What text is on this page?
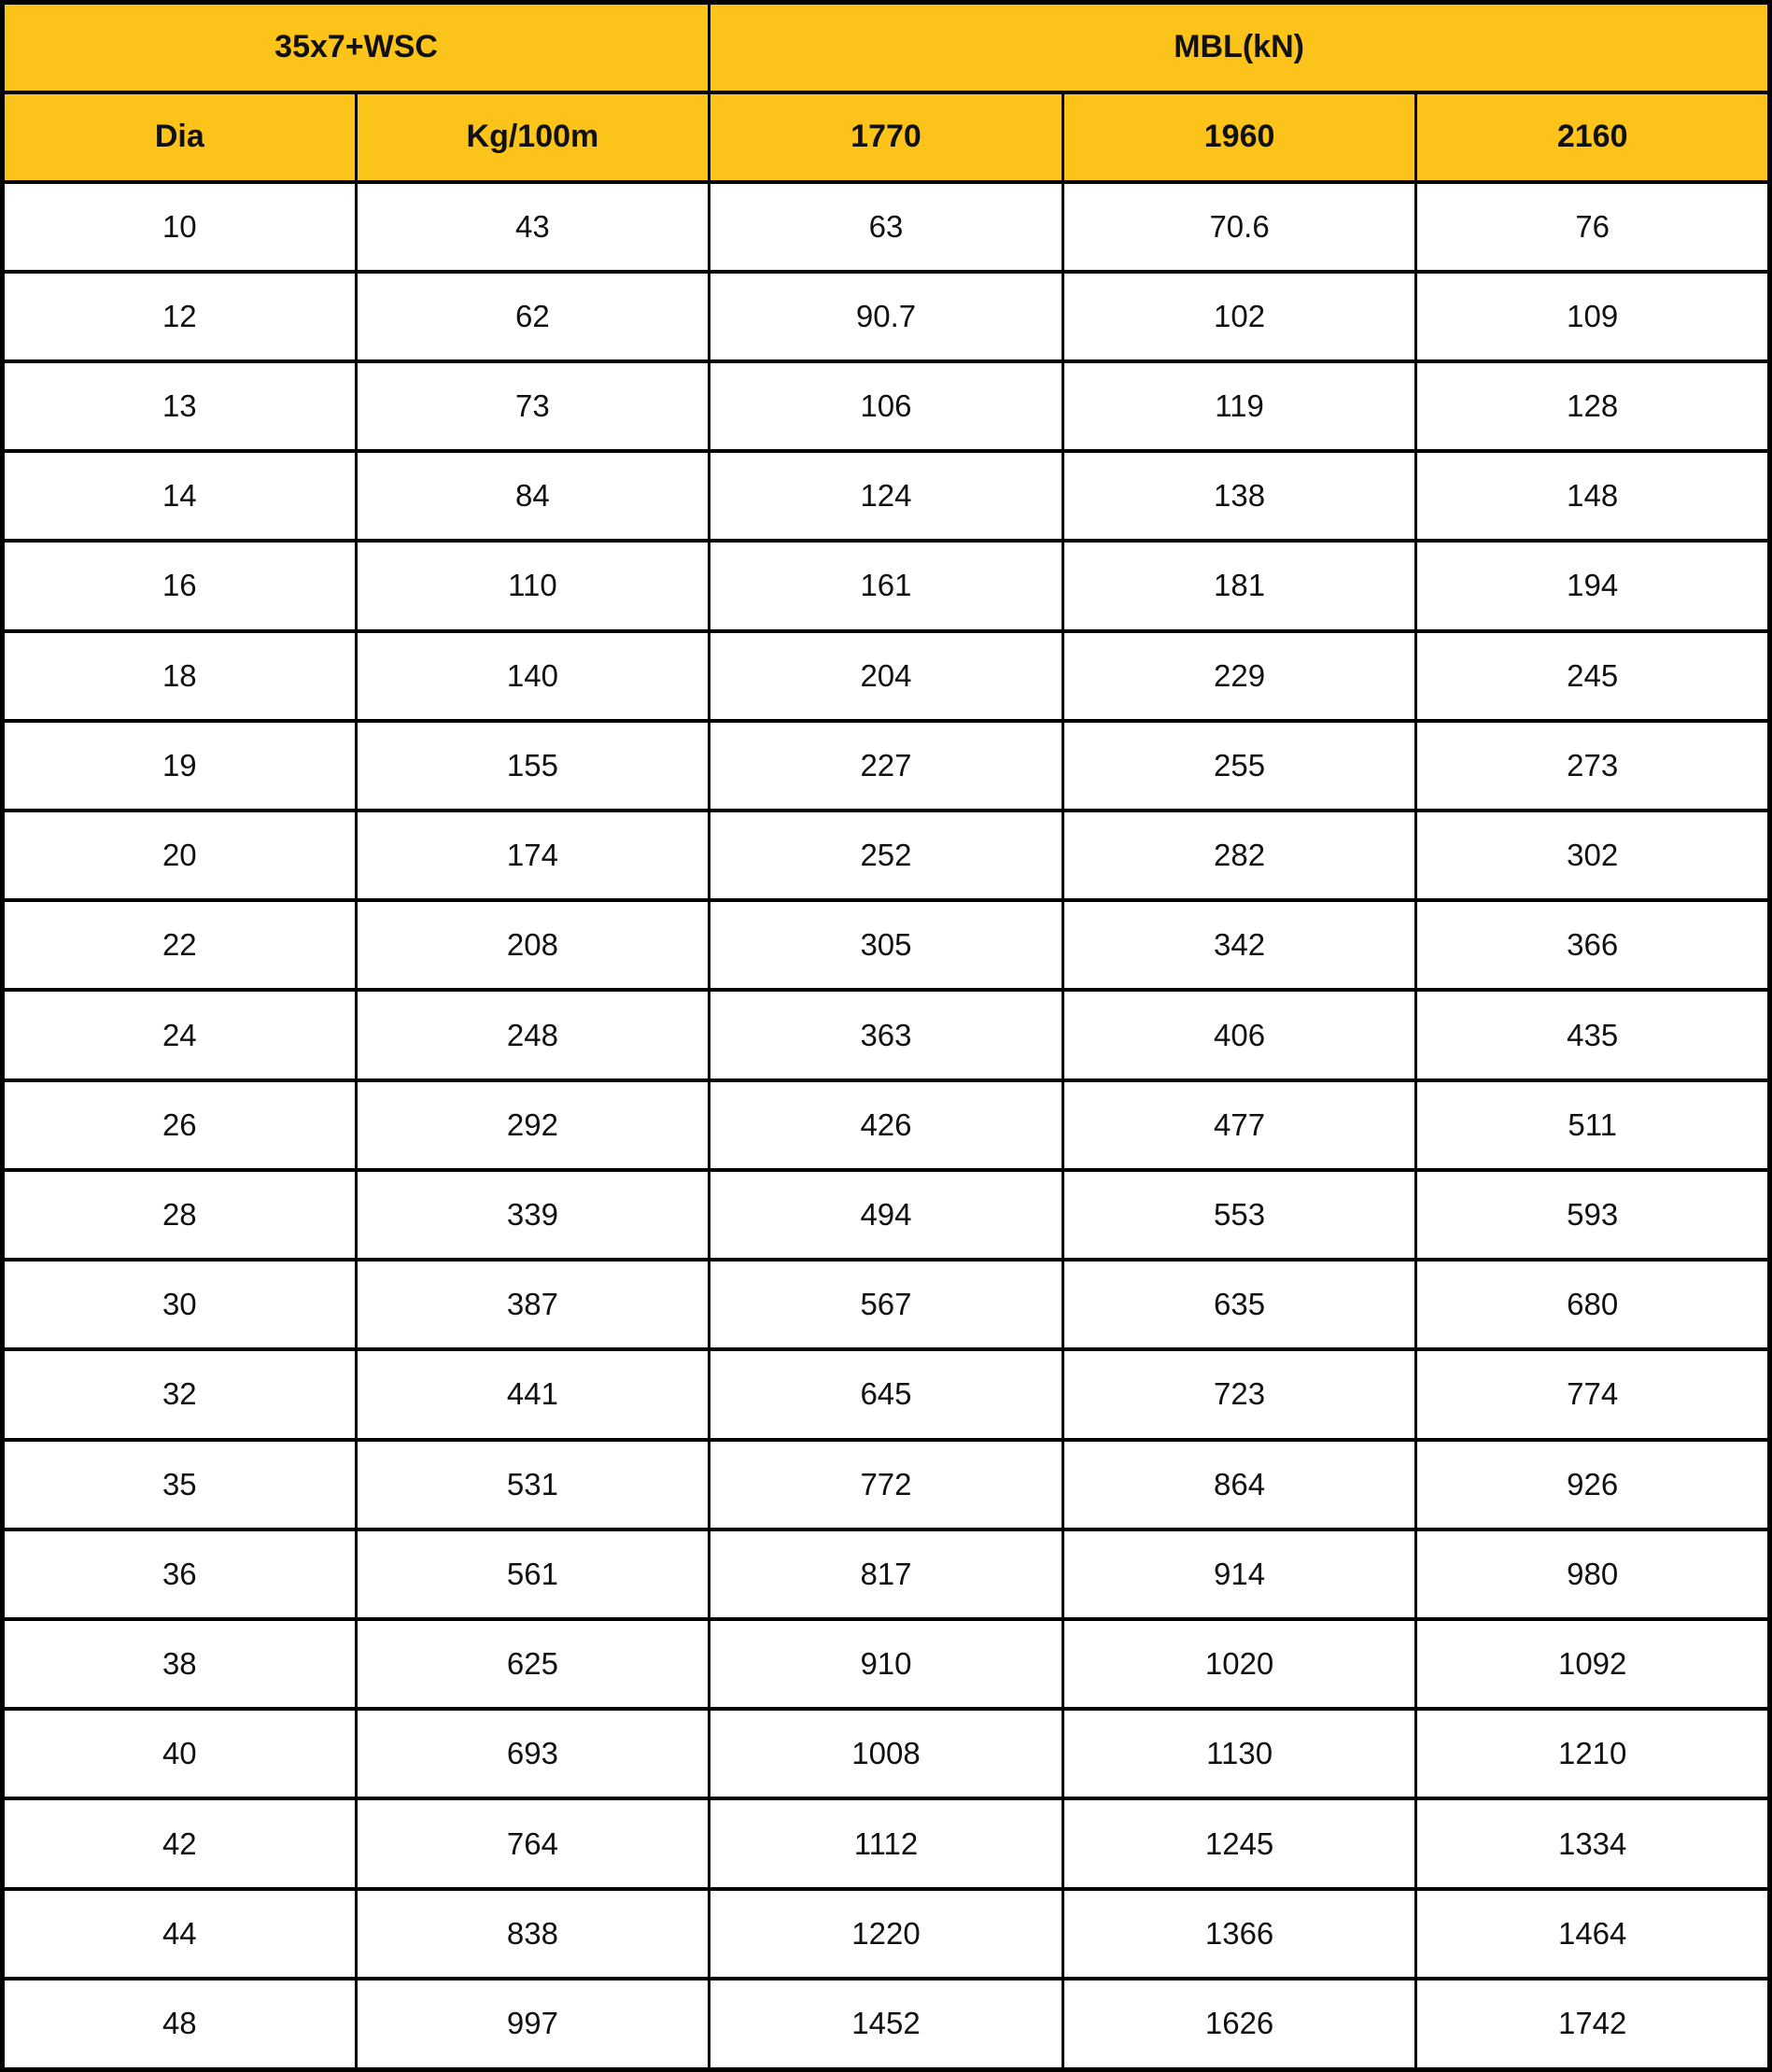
35x7+WSC		MBL(kN)		
Dia	Kg/100m	1770	1960	2160
10	43	63	70.6	76
12	62	90.7	102	109
13	73	106	119	128
14	84	124	138	148
16	110	161	181	194
18	140	204	229	245
19	155	227	255	273
20	174	252	282	302
22	208	305	342	366
24	248	363	406	435
26	292	426	477	511
28	339	494	553	593
30	387	567	635	680
32	441	645	723	774
35	531	772	864	926
36	561	817	914	980
38	625	910	1020	1092
40	693	1008	1130	1210
42	764	1112	1245	1334
44	838	1220	1366	1464
48	997	1452	1626	1742
